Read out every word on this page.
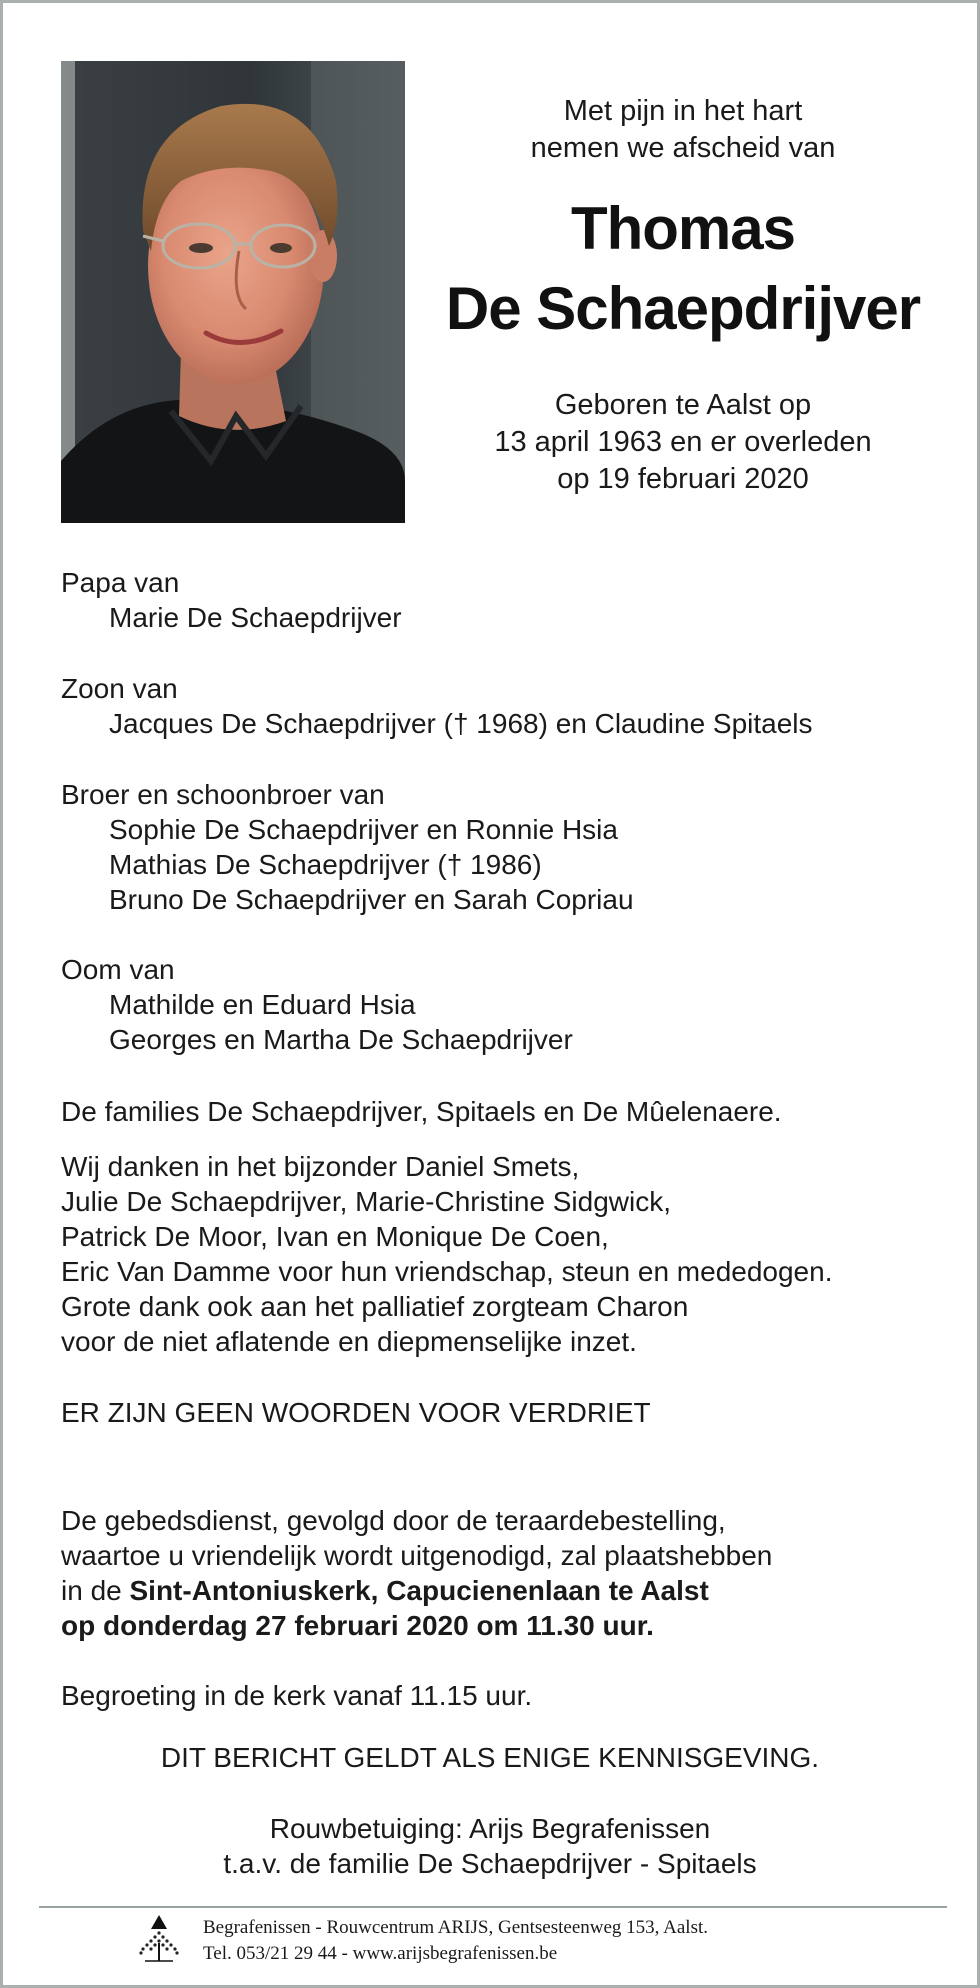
Met pijn in het hart
nemen we afscheid van
Thomas
De Schaepdrijver
Geboren te Aalst op
13 april 1963 en er overleden
op 19 februari 2020
Papa van
Marie De Schaepdrijver
Zoon van
Jacques De Schaepdrijver († 1968) en Claudine Spitaels
Broer en schoonbroer van
Sophie De Schaepdrijver en Ronnie Hsia
Mathias De Schaepdrijver († 1986)
Bruno De Schaepdrijver en Sarah Copriau
Oom van
Mathilde en Eduard Hsia
Georges en Martha De Schaepdrijver
De families De Schaepdrijver, Spitaels en De Mûelenaere.
Wij danken in het bijzonder Daniel Smets,
Julie De Schaepdrijver, Marie-Christine Sidgwick,
Patrick De Moor, Ivan en Monique De Coen,
Eric Van Damme voor hun vriendschap, steun en mededogen.
Grote dank ook aan het palliatief zorgteam Charon
voor de niet aflatende en diepmenselijke inzet.
ER ZIJN GEEN WOORDEN VOOR VERDRIET
De gebedsdienst, gevolgd door de teraardebestelling,
waartoe u vriendelijk wordt uitgenodigd, zal plaatshebben
in de Sint-Antoniuskerk, Capucienenlaan te Aalst
op donderdag 27 februari 2020 om 11.30 uur.
Begroeting in de kerk vanaf 11.15 uur.
DIT BERICHT GELDT ALS ENIGE KENNISGEVING.
Rouwbetuiging: Arijs Begrafenissen
t.a.v. de familie De Schaepdrijver - Spitaels
Begrafenissen - Rouwcentrum ARIJS, Gentsesteenweg 153, Aalst.
Tel. 053/21 29 44 - www.arijsbegrafenissen.be
